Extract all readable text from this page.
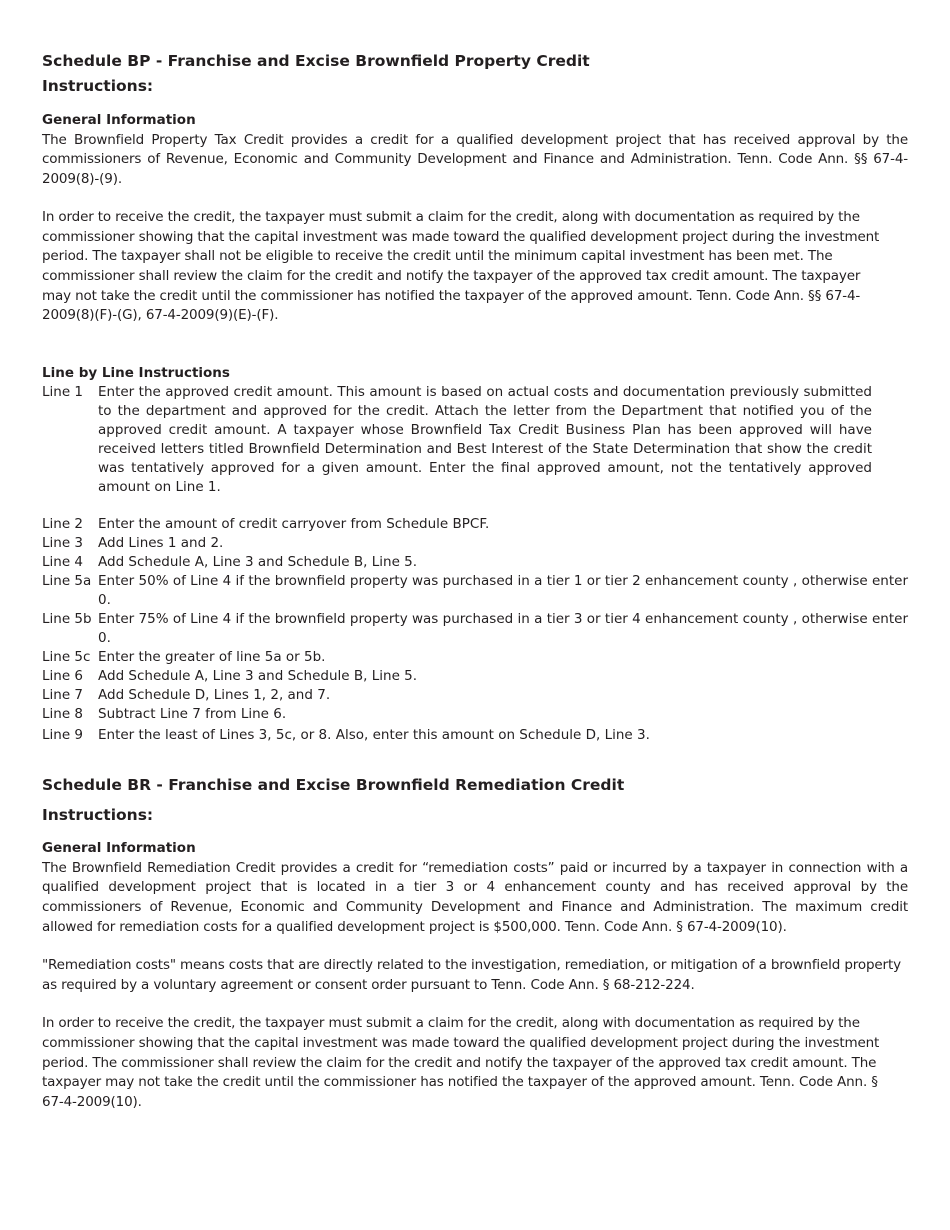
Schedule BP - Franchise and Excise Brownfield Property Credit
Instructions:
General Information

The Brownfield Property Tax Credit provides a credit for a qualified development project that has received approval by the commissioners of Revenue, Economic and Community Development and Finance and Administration. Tenn. Code Ann. §§ 67-4-2009(8)-(9).

In order to receive the credit, the taxpayer must submit a claim for the credit, along with documentation as required by the commissioner showing that the capital investment was made toward the qualified development project during the investment period. The taxpayer shall not be eligible to receive the credit until the minimum capital investment has been met. The commissioner shall review the claim for the credit and notify the taxpayer of the approved tax credit amount. The taxpayer may not take the credit until the commissioner has notified the taxpayer of the approved amount. Tenn. Code Ann. §§ 67-4-2009(8)(F)-(G), 67-4-2009(9)(E)-(F).

Line by Line Instructions
Line 1 Enter the approved credit amount. This amount is based on actual costs and documentation previously submitted to the department and approved for the credit. Attach the letter from the Department that notified you of the approved credit amount. A taxpayer whose Brownfield Tax Credit Business Plan has been approved will have received letters titled Brownfield Determination and Best Interest of the State Determination that show the credit was tentatively approved for a given amount. Enter the final approved amount, not the tentatively approved amount on Line 1.
Line 2 Enter the amount of credit carryover from Schedule BPCF.
Line 3 Add Lines 1 and 2.
Line 4 Add Schedule A, Line 3 and Schedule B, Line 5.
Line 5a Enter 50% of Line 4 if the brownfield property was purchased in a tier 1 or tier 2 enhancement county , otherwise enter 0.
Line 5b Enter 75% of Line 4 if the brownfield property was purchased in a tier 3 or tier 4 enhancement county , otherwise enter 0.
Line 5c Enter the greater of line 5a or 5b.
Line 6 Add Schedule A, Line 3 and Schedule B, Line 5.
Line 7 Add Schedule D, Lines 1, 2, and 7.
Line 8 Subtract Line 7 from Line 6.
Line 9 Enter the least of Lines 3, 5c, or 8. Also, enter this amount on Schedule D, Line 3.
Schedule BR - Franchise and Excise Brownfield Remediation Credit
Instructions:
General Information

The Brownfield Remediation Credit provides a credit for “remediation costs” paid or incurred by a taxpayer in connection with a qualified development project that is located in a tier 3 or 4 enhancement county and has received approval by the commissioners of Revenue, Economic and Community Development and Finance and Administration. The maximum credit allowed for remediation costs for a qualified development project is $500,000. Tenn. Code Ann. § 67-4-2009(10).

"Remediation costs" means costs that are directly related to the investigation, remediation, or mitigation of a brownfield property as required by a voluntary agreement or consent order pursuant to Tenn. Code Ann. § 68-212-224.

In order to receive the credit, the taxpayer must submit a claim for the credit, along with documentation as required by the commissioner showing that the capital investment was made toward the qualified development project during the investment period. The commissioner shall review the claim for the credit and notify the taxpayer of the approved tax credit amount. The taxpayer may not take the credit until the commissioner has notified the taxpayer of the approved amount. Tenn. Code Ann. § 67-4-2009(10).
